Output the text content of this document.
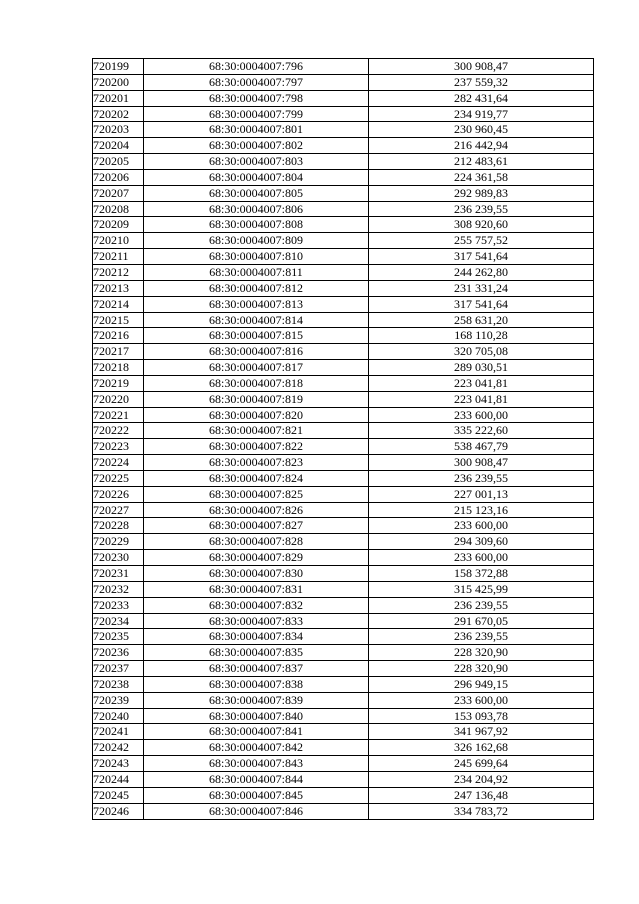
720199	68:30:0004007:796	300 908,47
720200	68:30:0004007:797	237 559,32
720201	68:30:0004007:798	282 431,64
720202	68:30:0004007:799	234 919,77
720203	68:30:0004007:801	230 960,45
720204	68:30:0004007:802	216 442,94
720205	68:30:0004007:803	212 483,61
720206	68:30:0004007:804	224 361,58
720207	68:30:0004007:805	292 989,83
720208	68:30:0004007:806	236 239,55
720209	68:30:0004007:808	308 920,60
720210	68:30:0004007:809	255 757,52
720211	68:30:0004007:810	317 541,64
720212	68:30:0004007:811	244 262,80
720213	68:30:0004007:812	231 331,24
720214	68:30:0004007:813	317 541,64
720215	68:30:0004007:814	258 631,20
720216	68:30:0004007:815	168 110,28
720217	68:30:0004007:816	320 705,08
720218	68:30:0004007:817	289 030,51
720219	68:30:0004007:818	223 041,81
720220	68:30:0004007:819	223 041,81
720221	68:30:0004007:820	233 600,00
720222	68:30:0004007:821	335 222,60
720223	68:30:0004007:822	538 467,79
720224	68:30:0004007:823	300 908,47
720225	68:30:0004007:824	236 239,55
720226	68:30:0004007:825	227 001,13
720227	68:30:0004007:826	215 123,16
720228	68:30:0004007:827	233 600,00
720229	68:30:0004007:828	294 309,60
720230	68:30:0004007:829	233 600,00
720231	68:30:0004007:830	158 372,88
720232	68:30:0004007:831	315 425,99
720233	68:30:0004007:832	236 239,55
720234	68:30:0004007:833	291 670,05
720235	68:30:0004007:834	236 239,55
720236	68:30:0004007:835	228 320,90
720237	68:30:0004007:837	228 320,90
720238	68:30:0004007:838	296 949,15
720239	68:30:0004007:839	233 600,00
720240	68:30:0004007:840	153 093,78
720241	68:30:0004007:841	341 967,92
720242	68:30:0004007:842	326 162,68
720243	68:30:0004007:843	245 699,64
720244	68:30:0004007:844	234 204,92
720245	68:30:0004007:845	247 136,48
720246	68:30:0004007:846	334 783,72
